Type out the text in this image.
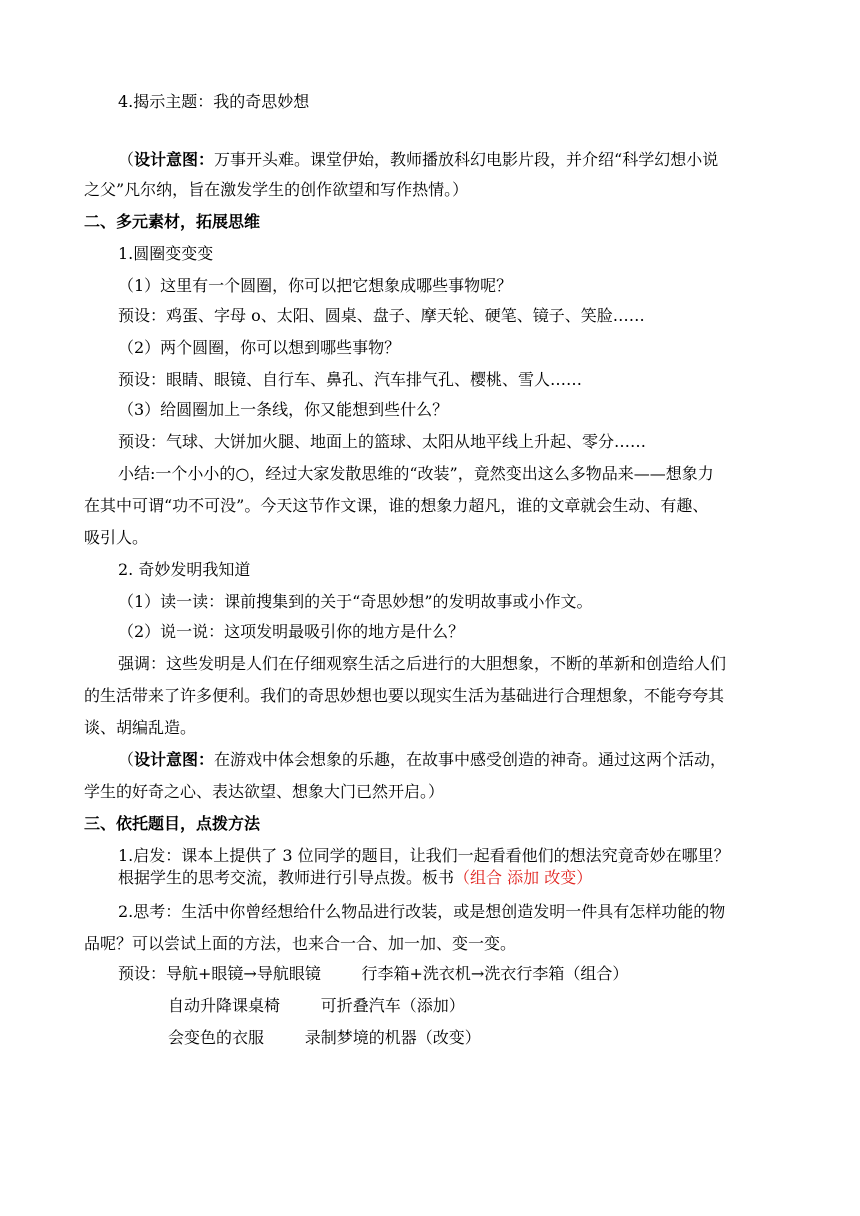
4.揭示主题：我的奇思妙想
（设计意图：万事开头难。课堂伊始，教师播放科幻电影片段，并介绍“科学幻想小说
之父”凡尔纳，旨在激发学生的创作欲望和写作热情。）
二、多元素材，拓展思维
1.圆圈变变变
（1）这里有一个圆圈，你可以把它想象成哪些事物呢？
预设：鸡蛋、字母 o、太阳、圆桌、盘子、摩天轮、硬笔、镜子、笑脸……
（2）两个圆圈，你可以想到哪些事物？
预设：眼睛、眼镜、自行车、鼻孔、汽车排气孔、樱桃、雪人……
（3）给圆圈加上一条线，你又能想到些什么？
预设：气球、大饼加火腿、地面上的篮球、太阳从地平线上升起、零分……
小结:一个小小的○，经过大家发散思维的“改装”，竟然变出这么多物品来——想象力
在其中可谓“功不可没”。今天这节作文课，谁的想象力超凡，谁的文章就会生动、有趣、
吸引人。
2. 奇妙发明我知道
（1）读一读：课前搜集到的关于“奇思妙想”的发明故事或小作文。
（2）说一说：这项发明最吸引你的地方是什么？
强调：这些发明是人们在仔细观察生活之后进行的大胆想象，不断的革新和创造给人们
的生活带来了许多便利。我们的奇思妙想也要以现实生活为基础进行合理想象，不能夸夸其
谈、胡编乱造。
（设计意图：在游戏中体会想象的乐趣，在故事中感受创造的神奇。通过这两个活动，
学生的好奇之心、表达欲望、想象大门已然开启。）
三、依托题目，点拨方法
1.启发：课本上提供了 3 位同学的题目，让我们一起看看他们的想法究竟奇妙在哪里？
根据学生的思考交流，教师进行引导点拨。板书（组合 添加 改变）
2.思考：生活中你曾经想给什么物品进行改装，或是想创造发明一件具有怎样功能的物
品呢？可以尝试上面的方法，也来合一合、加一加、变一变。
预设：导航+眼镜→导航眼镜        行李箱+洗衣机→洗衣行李箱（组合）
自动升降课桌椅        可折叠汽车（添加）
会变色的衣服        录制梦境的机器（改变）
